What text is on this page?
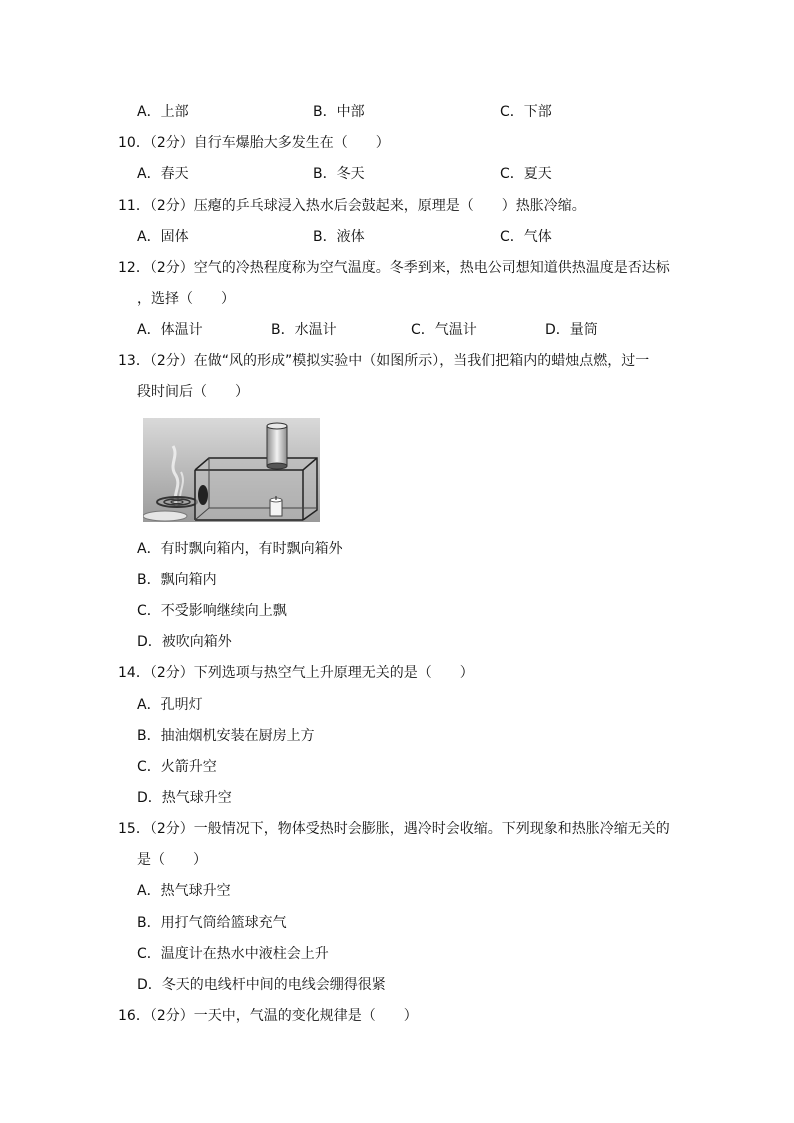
A．上部	B．中部	C．下部
10．（2分）自行车爆胎大多发生在（　　）
A．春天	B．冬天	C．夏天
11．（2分）压瘪的乒乓球浸入热水后会鼓起来，原理是（　　）热胀冷缩。
A．固体	B．液体	C．气体
12．（2分）空气的冷热程度称为空气温度。冬季到来，热电公司想知道供热温度是否达标
，选择（　　）
A．体温计	B．水温计	C．气温计	D．量筒
13．（2分）在做“风的形成”模拟实验中（如图所示），当我们把箱内的蜡烛点燃，过一
段时间后（　　）
A．有时飘向箱内，有时飘向箱外
B．飘向箱内
C．不受影响继续向上飘
D．被吹向箱外
14．（2分）下列选项与热空气上升原理无关的是（　　）
A．孔明灯
B．抽油烟机安装在厨房上方
C．火箭升空
D．热气球升空
15．（2分）一般情况下，物体受热时会膨胀，遇冷时会收缩。下列现象和热胀冷缩无关的
是（　　）
A．热气球升空
B．用打气筒给篮球充气
C．温度计在热水中液柱会上升
D．冬天的电线杆中间的电线会绷得很紧
16．（2分）一天中，气温的变化规律是（　　）
